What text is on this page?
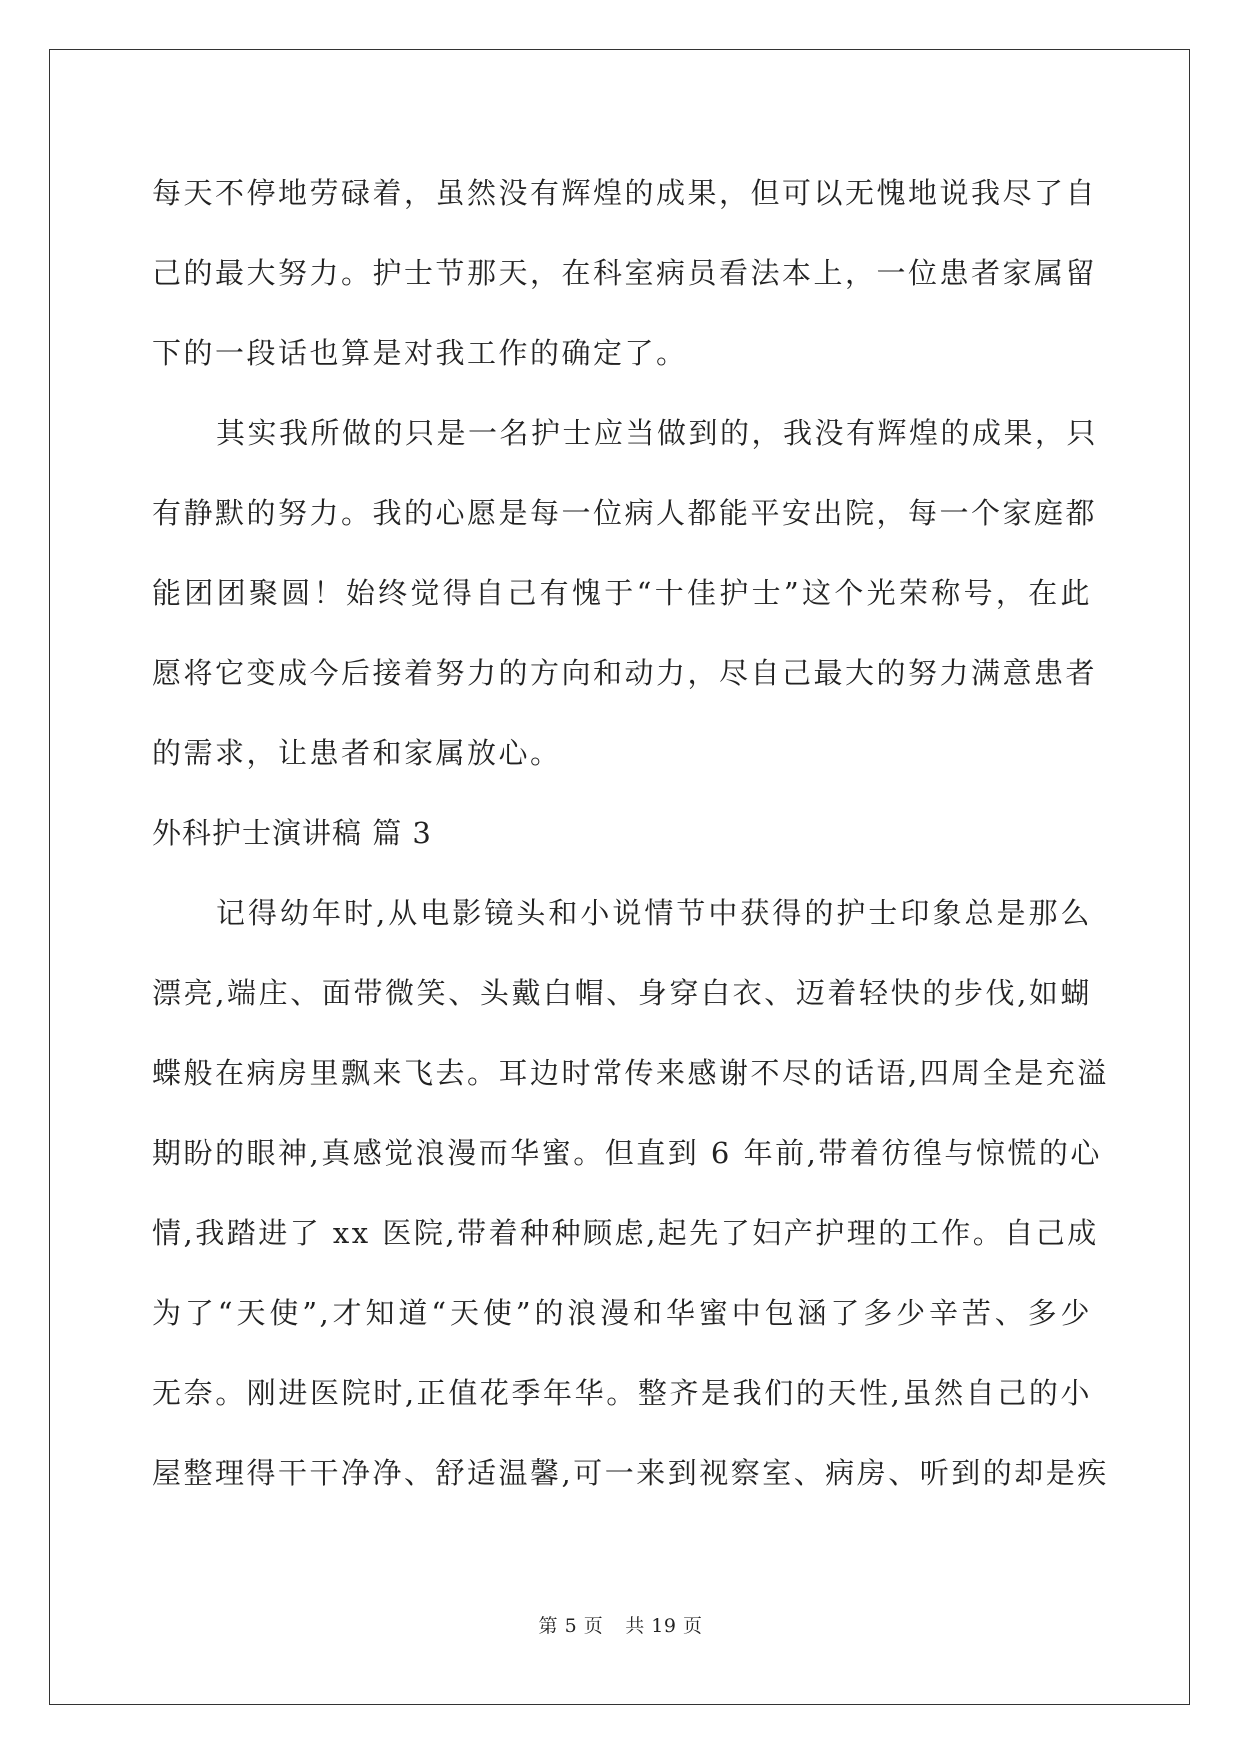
每天不停地劳碌着，虽然没有辉煌的成果，但可以无愧地说我尽了自
己的最大努力。护士节那天，在科室病员看法本上，一位患者家属留
下的一段话也算是对我工作的确定了。
其实我所做的只是一名护士应当做到的，我没有辉煌的成果，只
有静默的努力。我的心愿是每一位病人都能平安出院，每一个家庭都
能团团聚圆！始终觉得自己有愧于“十佳护士”这个光荣称号，在此
愿将它变成今后接着努力的方向和动力，尽自己最大的努力满意患者
的需求，让患者和家属放心。
外科护士演讲稿 篇 3
记得幼年时,从电影镜头和小说情节中获得的护士印象总是那么
漂亮,端庄、面带微笑、头戴白帽、身穿白衣、迈着轻快的步伐,如蝴
蝶般在病房里飘来飞去。耳边时常传来感谢不尽的话语,四周全是充溢
期盼的眼神,真感觉浪漫而华蜜。但直到 6 年前,带着彷徨与惊慌的心
情,我踏进了 xx 医院,带着种种顾虑,起先了妇产护理的工作。自己成
为了“天使”,才知道“天使”的浪漫和华蜜中包涵了多少辛苦、多少
无奈。刚进医院时,正值花季年华。整齐是我们的天性,虽然自己的小
屋整理得干干净净、舒适温馨,可一来到视察室、病房、听到的却是疾
第 5 页 共 19 页
